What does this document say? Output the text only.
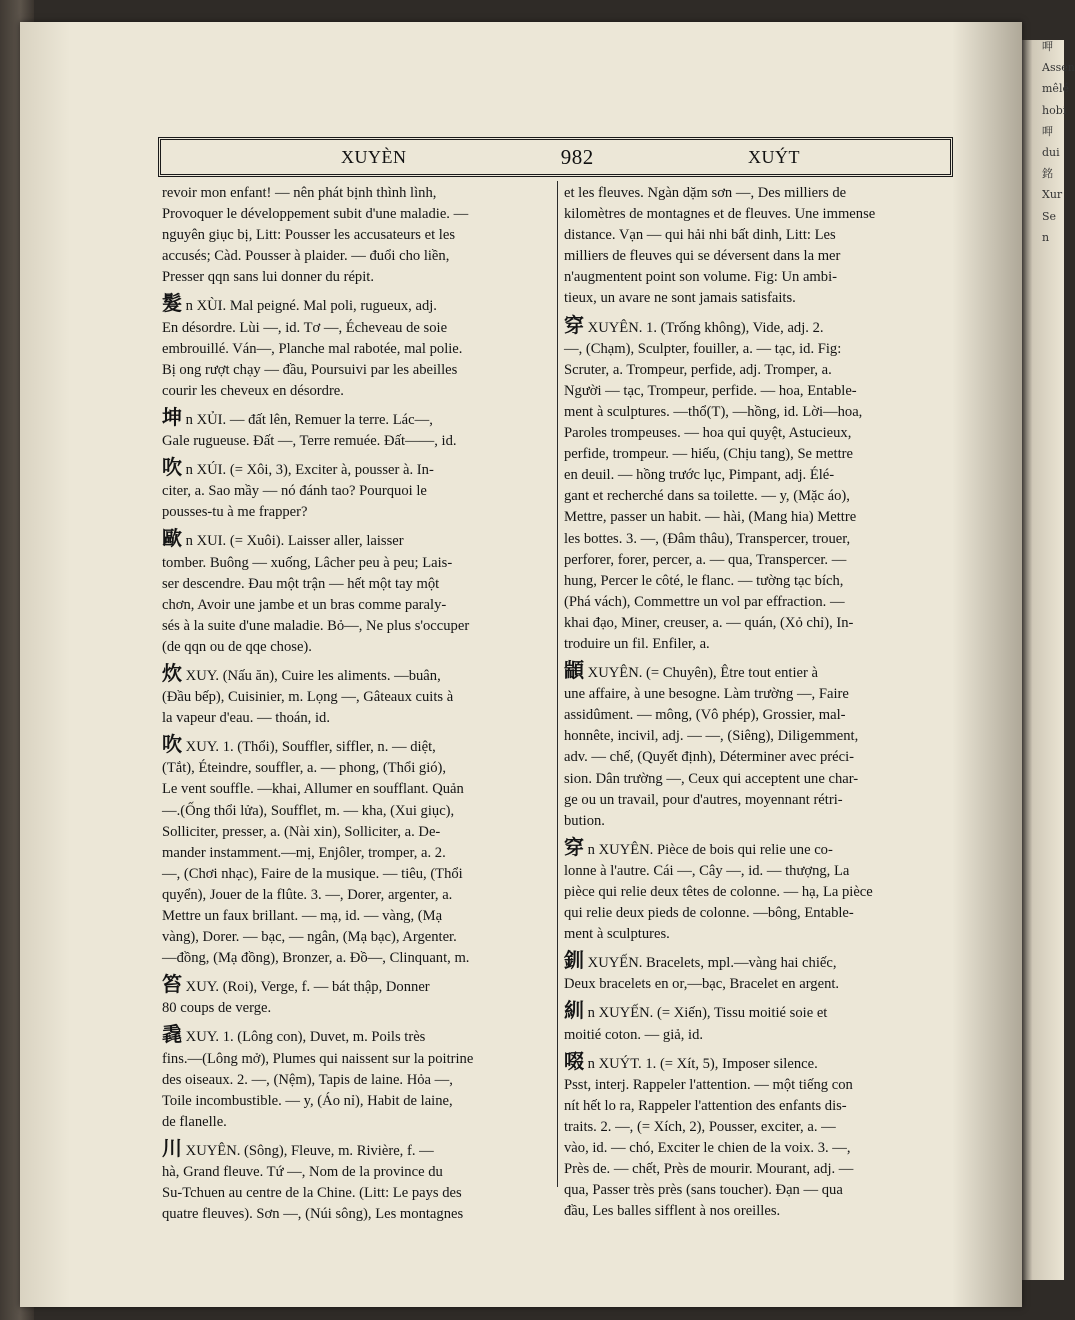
呷
Assen
mêlé
hobi
呷
dui
銘
Xur
Se
n
XUYÈN	982	XUÝT
revoir mon enfant! — nên phát bịnh thình lình,
Provoquer le développement subit d'une maladie. —
nguyên giục bị, Litt: Pousser les accusateurs et les
accusés; Càd. Pousser à plaider. — đuổi cho liền,
Presser qqn sans lui donner du répit.
髮 n XÙI. Mal peigné. Mal poli, rugueux, adj.
En désordre. Lùi —, id. Tơ —, Écheveau de soie
embrouillé. Ván—, Planche mal rabotée, mal polie.
Bị ong rượt chạy — đầu, Poursuivi par les abeilles
courir les cheveux en désordre.
坤 n XỦI. — đất lên, Remuer la terre. Lác—,
Gale rugueuse. Đất —, Terre remuée. Đất——, id.
吹 n XÚI. (= Xôi, 3), Exciter à, pousser à. In-
citer, a. Sao mầy — nó đánh tao? Pourquoi le
pousses-tu à me frapper?
歐 n XUI. (= Xuôi). Laisser aller, laisser
tomber. Buông — xuống, Lâcher peu à peu; Lais-
ser descendre. Đau một trận — hết một tay một
chơn, Avoir une jambe et un bras comme paraly-
sés à la suite d'une maladie. Bỏ—, Ne plus s'occuper
(de qqn ou de qqe chose).
炊 XUY. (Nấu ăn), Cuire les aliments. —buân,
(Đầu bếp), Cuisinier, m. Lọng —, Gâteaux cuits à
la vapeur d'eau. — thoán, id.
吹 XUY. 1. (Thổi), Souffler, siffler, n. — diệt,
(Tắt), Éteindre, souffler, a. — phong, (Thổi gió),
Le vent souffle. —khai, Allumer en soufflant. Quản
—.(Ống thổi lửa), Soufflet, m. — kha, (Xui giục),
Solliciter, presser, a. (Nài xin), Solliciter, a. De-
mander instamment.—mị, Enjôler, tromper, a. 2.
—, (Chơi nhạc), Faire de la musique. — tiêu, (Thổi
quyển), Jouer de la flûte. 3. —, Dorer, argenter, a.
Mettre un faux brillant. — mạ, id. — vàng, (Mạ
vàng), Dorer. — bạc, — ngân, (Mạ bạc), Argenter.
—đồng, (Mạ đồng), Bronzer, a. Đồ—, Clinquant, m.
笞 XUY. (Roi), Verge, f. — bát thập, Donner
80 coups de verge.
毳 XUY. 1. (Lông con), Duvet, m. Poils très
fins.—(Lông mở), Plumes qui naissent sur la poitrine
des oiseaux. 2. —, (Nệm), Tapis de laine. Hỏa —,
Toile incombustible. — y, (Áo nỉ), Habit de laine,
de flanelle.
川 XUYÊN. (Sông), Fleuve, m. Rivière, f. —
hà, Grand fleuve. Tứ —, Nom de la province du
Su-Tchuen au centre de la Chine. (Litt: Le pays des
quatre fleuves). Sơn —, (Núi sông), Les montagnes
et les fleuves. Ngàn dặm sơn —, Des milliers de
kilomètres de montagnes et de fleuves. Une immense
distance. Vạn — qui hải nhi bất dinh, Litt: Les
milliers de fleuves qui se déversent dans la mer
n'augmentent point son volume. Fig: Un ambi-
tieux, un avare ne sont jamais satisfaits.
穿 XUYÊN. 1. (Trống không), Vide, adj. 2.
—, (Chạm), Sculpter, fouiller, a. — tạc, id. Fig:
Scruter, a. Trompeur, perfide, adj. Tromper, a.
Người — tạc, Trompeur, perfide. — hoa, Entable-
ment à sculptures. —thổ(T), —hồng, id. Lời—hoa,
Paroles trompeuses. — hoa quỉ quyệt, Astucieux,
perfide, trompeur. — hiếu, (Chịu tang), Se mettre
en deuil. — hồng trước lục, Pimpant, adj. Élé-
gant et recherché dans sa toilette. — y, (Mặc áo),
Mettre, passer un habit. — hài, (Mang hia) Mettre
les bottes. 3. —, (Đâm thâu), Transpercer, trouer,
perforer, forer, percer, a. — qua, Transpercer. —
hung, Percer le côté, le flanc. — tường tạc bích,
(Phá vách), Commettre un vol par effraction. —
khai đạo, Miner, creuser, a. — quán, (Xỏ chỉ), In-
troduire un fil. Enfiler, a.
顓 XUYÊN. (= Chuyên), Être tout entier à
une affaire, à une besogne. Làm trường —, Faire
assidûment. — mông, (Vô phép), Grossier, mal-
honnête, incivil, adj. — —, (Siêng), Diligemment,
adv. — chế, (Quyết định), Déterminer avec préci-
sion. Dân trường —, Ceux qui acceptent une char-
ge ou un travail, pour d'autres, moyennant rétri-
bution.
穿 n XUYÊN. Pièce de bois qui relie une co-
lonne à l'autre. Cái —, Cây —, id. — thượng, La
pièce qui relie deux têtes de colonne. — hạ, La pièce
qui relie deux pieds de colonne. —bông, Entable-
ment à sculptures.
釧 XUYẾN. Bracelets, mpl.—vàng hai chiếc,
Deux bracelets en or,—bạc, Bracelet en argent.
紃 n XUYẾN. (= Xiến), Tissu moitié soie et
moitié coton. — giả, id.
啜 n XUÝT. 1. (= Xít, 5), Imposer silence.
Psst, interj. Rappeler l'attention. — một tiếng con
nít hết lo ra, Rappeler l'attention des enfants dis-
traits. 2. —, (= Xích, 2), Pousser, exciter, a. —
vào, id. — chó, Exciter le chien de la voix. 3. —,
Près de. — chết, Près de mourir. Mourant, adj. —
qua, Passer très près (sans toucher). Đạn — qua
đầu, Les balles sifflent à nos oreilles.
